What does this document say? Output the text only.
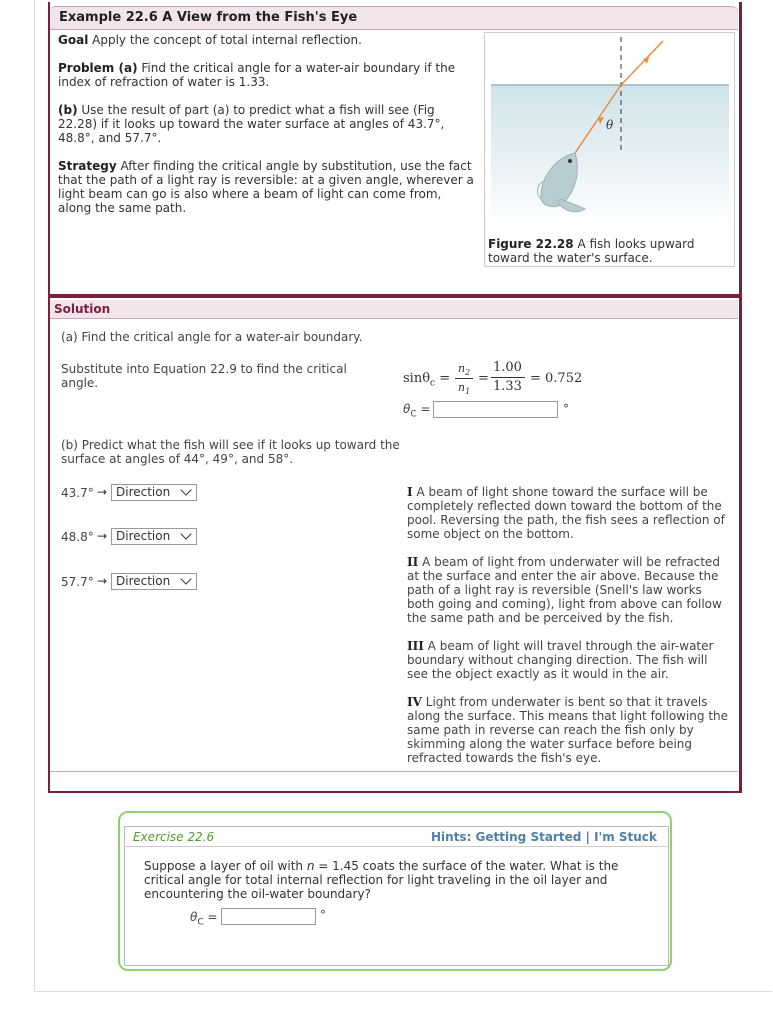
Example 22.6 A View from the Fish's Eye
Goal Apply the concept of total internal reflection.
Problem (a) Find the critical angle for a water-air boundary if the index of refraction of water is 1.33.
(b) Use the result of part (a) to predict what a fish will see (Fig 22.28) if it looks up toward the water surface at angles of 43.7°, 48.8°, and 57.7°.
Strategy After finding the critical angle by substitution, use the fact that the path of a light ray is reversible: at a given angle, wherever a light beam can go is also where a beam of light can come from, along the same path.
θ
Figure 22.28 A fish looks upward toward the water's surface.
Solution
(a) Find the critical angle for a water-air boundary.
Substitute into Equation 22.9 to find the critical angle.	sinθ$_c$ =
$n_2$
$n_1$
=
1.00
1.33
= 0.752
$\theta_C$ =	°
(b) Predict what the fish will see if it looks up toward the surface at angles of 44°, 49°, and 58°.
43.7° → Direction
48.8° → Direction
57.7° → Direction
I A beam of light shone toward the surface will be completely reflected down toward the bottom of the pool. Reversing the path, the fish sees a reflection of some object on the bottom.
II A beam of light from underwater will be refracted at the surface and enter the air above. Because the path of a light ray is reversible (Snell's law works both going and coming), light from above can follow the same path and be perceived by the fish.
III A beam of light will travel through the air-water boundary without changing direction. The fish will see the object exactly as it would in the air.
IV Light from underwater is bent so that it travels along the surface. This means that light following the same path in reverse can reach the fish only by skimming along the water surface before being refracted towards the fish's eye.
Exercise 22.6	Hints: Getting Started | I'm Stuck
Suppose a layer of oil with n = 1.45 coats the surface of the water. What is the critical angle for total internal reflection for light traveling in the oil layer and encountering the oil-water boundary?
$\theta_C$ =	°
